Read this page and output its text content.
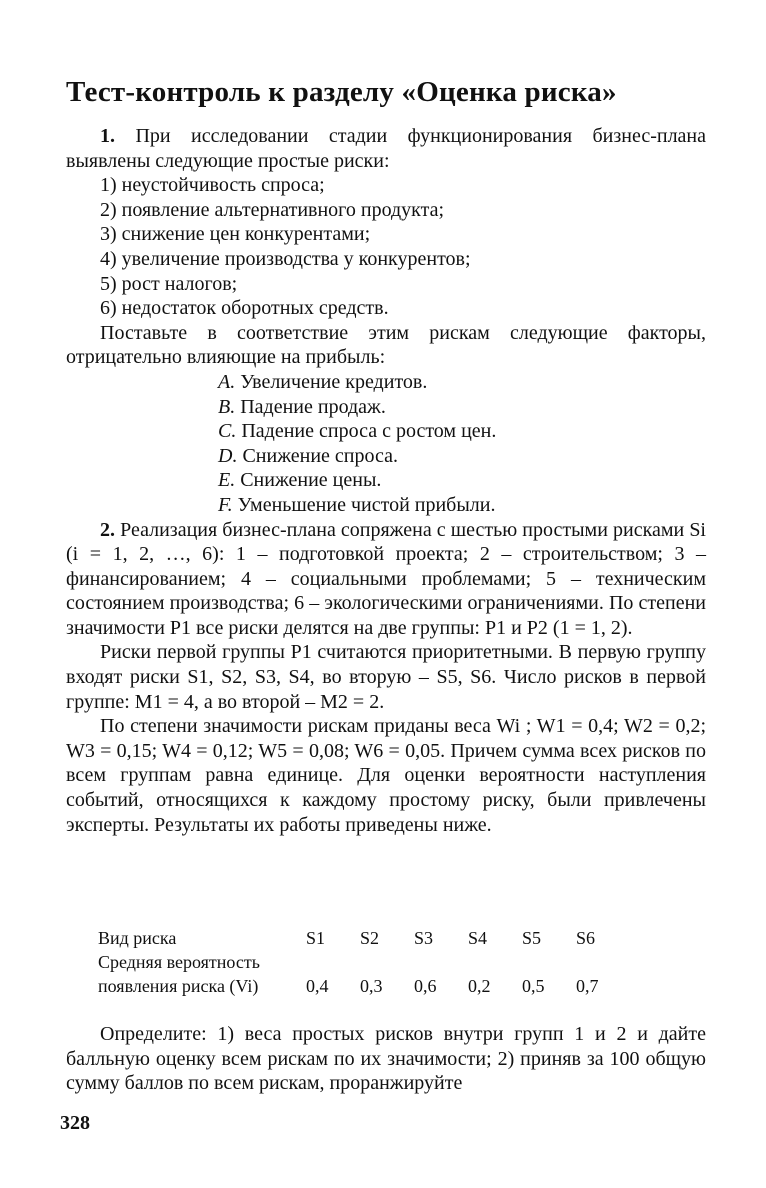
Тест-контроль к разделу «Оценка риска»

1. При исследовании стадии функционирования бизнес-плана выявлены следующие простые риски:

1) неустойчивость спроса;

2) появление альтернативного продукта;

3) снижение цен конкурентами;

4) увеличение производства у конкурентов;

5) рост налогов;

6) недостаток оборотных средств.

Поставьте в соответствие этим рискам следующие факторы, отрицательно влияющие на прибыль:

A. Увеличение кредитов.

B. Падение продаж.

C. Падение спроса с ростом цен.

D. Снижение спроса.

E. Снижение цены.

F. Уменьшение чистой прибыли.

2. Реализация бизнес-плана сопряжена с шестью простыми рисками Si (i = 1, 2, …, 6): 1 – подготовкой проекта; 2 – строительством; 3 – финансированием; 4 – социальными проблемами; 5 – техническим состоянием производства; 6 – экологическими ограничениями. По степени значимости P1 все риски делятся на две группы: P1 и P2 (1 = 1, 2).

Риски первой группы P1 считаются приоритетными. В первую группу входят риски S1, S2, S3, S4, во вторую – S5, S6. Число рисков в первой группе: M1 = 4, а во второй – M2 = 2.

По степени значимости рискам приданы веса Wi ; W1 = 0,4; W2 = 0,2; W3 = 0,15; W4 = 0,12; W5 = 0,08; W6 = 0,05. Причем сумма всех рисков по всем группам равна единице. Для оценки вероятности наступления событий, относящихся к каждому простому риску, были привлечены эксперты. Результаты их работы приведены ниже.

Вид риска	S1	S2	S3	S4	S5	S6
Средняя вероятность						
появления риска (Vi)	0,4	0,3	0,6	0,2	0,5	0,7

Определите: 1) веса простых рисков внутри групп 1 и 2 и дайте балльную оценку всем рискам по их значимости; 2) приняв за 100 общую сумму баллов по всем рискам, проранжируйте

328
